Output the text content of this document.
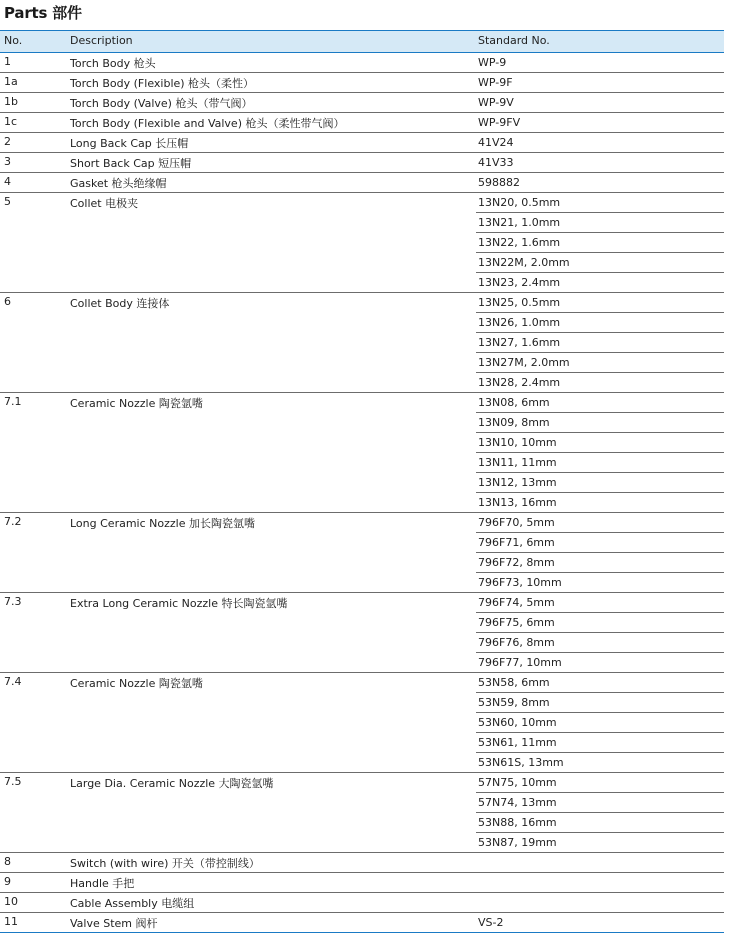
Parts 部件
No.	Description	Standard No.
1	Torch Body 枪头	WP-9
1a	Torch Body (Flexible) 枪头（柔性）	WP-9F
1b	Torch Body (Valve) 枪头（带气阀）	WP-9V
1c	Torch Body (Flexible and Valve) 枪头（柔性带气阀）	WP-9FV
2	Long Back Cap 长压帽	41V24
3	Short Back Cap 短压帽	41V33
4	Gasket 枪头绝缘帽	598882
5	Collet 电极夹	13N20, 0.5mm
13N21, 1.0mm
13N22, 1.6mm
13N22M, 2.0mm
13N23, 2.4mm
6	Collet Body 连接体	13N25, 0.5mm
13N26, 1.0mm
13N27, 1.6mm
13N27M, 2.0mm
13N28, 2.4mm
7.1	Ceramic Nozzle 陶瓷氩嘴	13N08, 6mm
13N09, 8mm
13N10, 10mm
13N11, 11mm
13N12, 13mm
13N13, 16mm
7.2	Long Ceramic Nozzle 加长陶瓷氩嘴	796F70, 5mm
796F71, 6mm
796F72, 8mm
796F73, 10mm
7.3	Extra Long Ceramic Nozzle 特长陶瓷氩嘴	796F74, 5mm
796F75, 6mm
796F76, 8mm
796F77, 10mm
7.4	Ceramic Nozzle 陶瓷氩嘴	53N58, 6mm
53N59, 8mm
53N60, 10mm
53N61, 11mm
53N61S, 13mm
7.5	Large Dia. Ceramic Nozzle 大陶瓷氩嘴	57N75, 10mm
57N74, 13mm
53N88, 16mm
53N87, 19mm
8	Switch (with wire) 开关（带控制线）
9	Handle 手把
10	Cable Assembly 电缆组
11	Valve Stem 阀杆	VS-2
